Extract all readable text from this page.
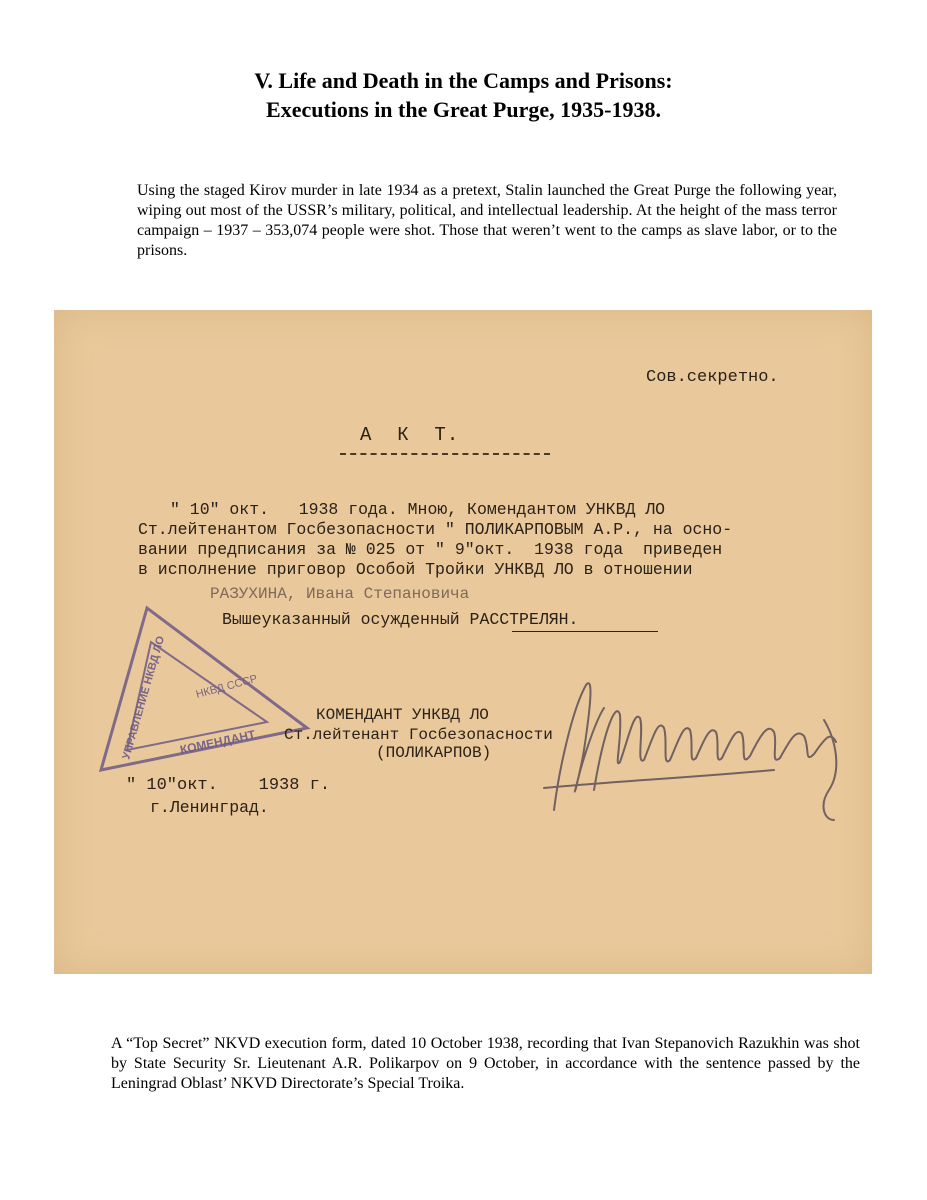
V. Life and Death in the Camps and Prisons:
Executions in the Great Purge, 1935-1938.
Using the staged Kirov murder in late 1934 as a pretext, Stalin launched the Great Purge the following year, wiping out most of the USSR’s military, political, and intellectual leadership. At the height of the mass terror campaign – 1937 – 353,074 people were shot. Those that weren’t went to the camps as slave labor, or to the prisons.
Сов.секретно.
А  К  Т.
" 10" окт.   1938 года. Мною, Комендантом УНКВД ЛО
Ст.лейтенантом Госбезопасности " ПОЛИКАРПОВЫМ А.Р., на осно-
вании предписания за № 025 от " 9"окт.  1938 года  приведен
в исполнение приговор Особой Тройки УНКВД ЛО в отношении
РАЗУХИНА, Ивана Степановича
Вышеуказанный осужденный РАССТРЕЛЯН.
УПРАВЛЕНИЕ НКВД ЛО	НКВД СССР
КОМЕНДАНТ
КОМЕНДАНТ УНКВД ЛО
Ст.лейтенант Госбезопасности
(ПОЛИКАРПОВ)
" 10"окт.    1938 г.
г.Ленинград.
A “Top Secret” NKVD execution form, dated 10 October 1938, recording that Ivan Stepanovich Razukhin was shot by State Security Sr. Lieutenant A.R. Polikarpov on 9 October, in accordance with the sentence passed by the Leningrad Oblast’ NKVD Directorate’s Special Troika.
